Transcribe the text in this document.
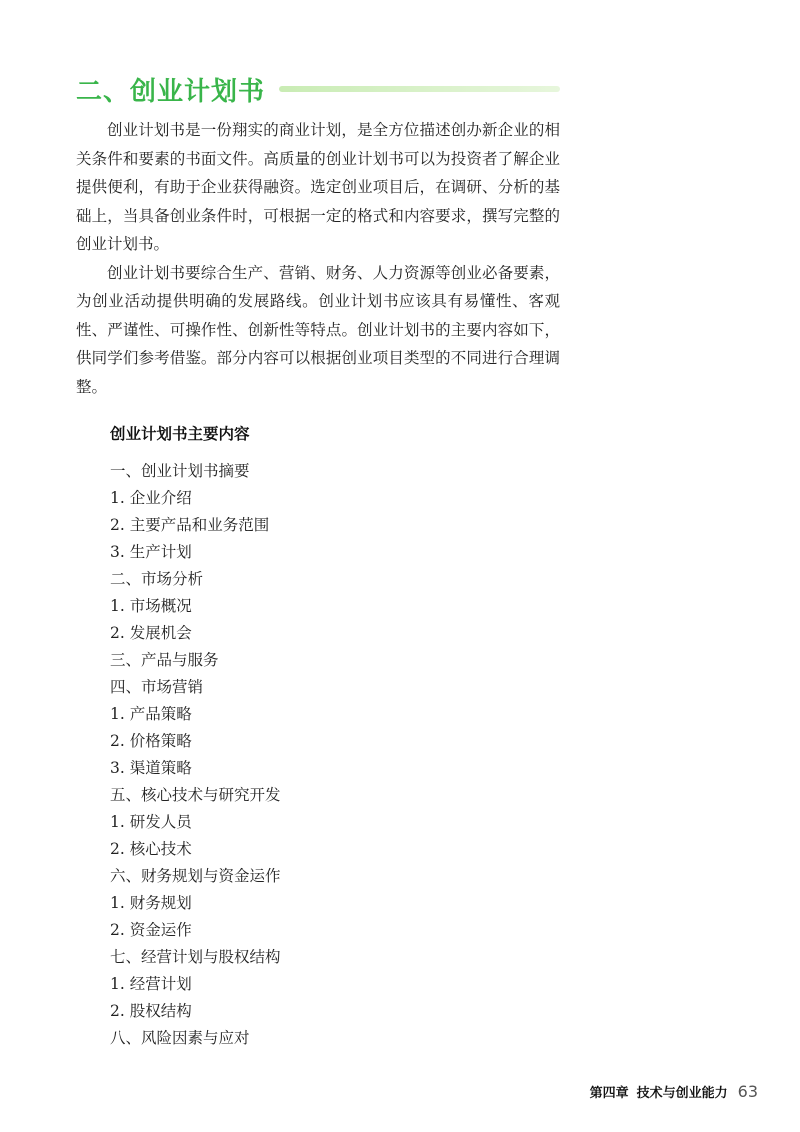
二、创业计划书

创业计划书是一份翔实的商业计划，是全方位描述创办新企业的相关条件和要素的书面文件。高质量的创业计划书可以为投资者了解企业提供便利，有助于企业获得融资。选定创业项目后，在调研、分析的基础上，当具备创业条件时，可根据一定的格式和内容要求，撰写完整的创业计划书。

创业计划书要综合生产、营销、财务、人力资源等创业必备要素，为创业活动提供明确的发展路线。创业计划书应该具有易懂性、客观性、严谨性、可操作性、创新性等特点。创业计划书的主要内容如下，供同学们参考借鉴。部分内容可以根据创业项目类型的不同进行合理调整。

创业计划书主要内容
一、创业计划书摘要
1. 企业介绍
2. 主要产品和业务范围
3. 生产计划
二、市场分析
1. 市场概况
2. 发展机会
三、产品与服务
四、市场营销
1. 产品策略
2. 价格策略
3. 渠道策略
五、核心技术与研究开发
1. 研发人员
2. 核心技术
六、财务规划与资金运作
1. 财务规划
2. 资金运作
七、经营计划与股权结构
1. 经营计划
2. 股权结构
八、风险因素与应对
第四章 技术与创业能力 63
